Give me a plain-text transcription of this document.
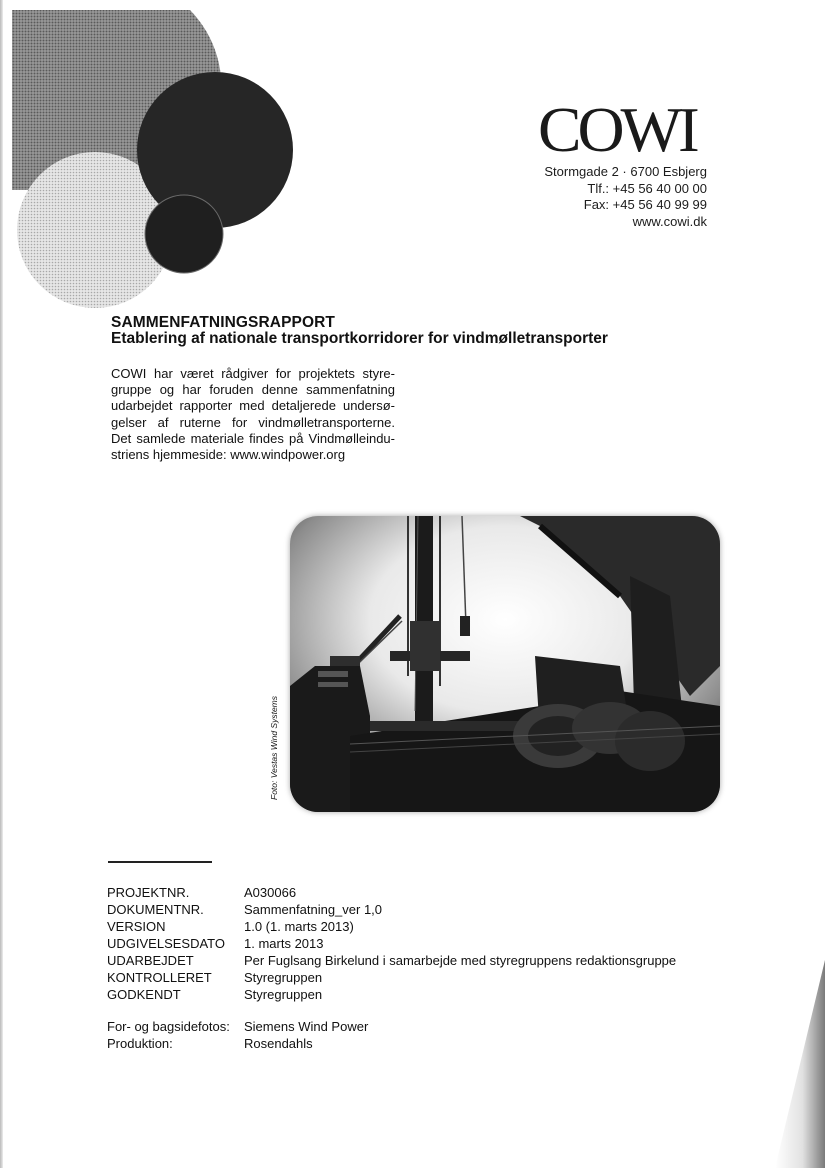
COWI
Stormgade 2 · 6700 Esbjerg
Tlf.: +45 56 40 00 00
Fax: +45 56 40 99 99
www.cowi.dk
SAMMENFATNINGSRAPPORT
Etablering af nationale transportkorridorer for vindmølletransporter
COWI har været rådgiver for projektets styre-
gruppe og har foruden denne sammenfatning
udarbejdet rapporter med detaljerede undersø-
gelser af ruterne for vindmølletransporterne.
Det samlede materiale findes på Vindmølleindu-
striens hjemmeside: www.windpower.org
Foto: Vestas Wind Systems
PROJEKTNR.	A030066
DOKUMENTNR.	Sammenfatning_ver 1,0
VERSION	1.0 (1. marts 2013)
UDGIVELSESDATO 1. marts 2013
UDARBEJDET	Per Fuglsang Birkelund i samarbejde med styregruppens redaktionsgruppe
KONTROLLERET Styregruppen
GODKENDT	Styregruppen
For- og bagsidefotos: Siemens Wind Power
Produktion:	Rosendahls
